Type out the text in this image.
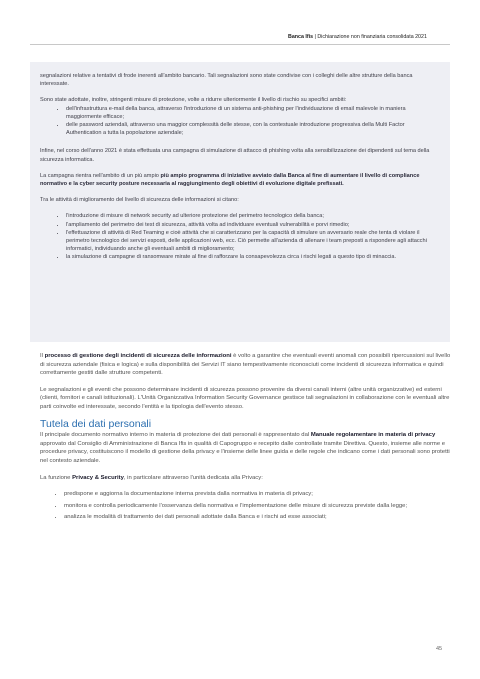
Banca Ifis | Dichiarazione non finanziaria consolidata 2021

segnalazioni relative a tentativi di frode inerenti all'ambito bancario. Tali segnalazioni sono state condivise con i colleghi delle altre strutture della banca interessate.

Sono state adottate, inoltre, stringenti misure di protezione, volte a ridurre ulteriormente il livello di rischio su specifici ambiti:

• dell'infrastruttura e-mail della banca, attraverso l'introduzione di un sistema anti-phishing per l'individuazione di email malevole in maniera maggiormente efficace;
• delle password aziendali, attraverso una maggior complessità delle stesse, con la contestuale introduzione progressiva della Multi Factor Authentication a tutta la popolazione aziendale;

Infine, nel corso dell'anno 2021 è stata effettuata una campagna di simulazione di attacco di phishing volta alla sensibilizzazione dei dipendenti sul tema della sicurezza informatica.

La campagna rientra nell'ambito di un più ampio più ampio programma di iniziative avviato dalla Banca al fine di aumentare il livello di compliance normativo e la cyber security posture necessaria al raggiungimento degli obiettivi di evoluzione digitale prefissati.

Tra le attività di miglioramento del livello di sicurezza delle informazioni si citano:

• l'introduzione di misure di network security ad ulteriore protezione del perimetro tecnologico della banca;
• l'ampliamento del perimetro dei test di sicurezza, attività volta ad individuare eventuali vulnerabilità e porvi rimedio;
• l'effettuazione di attività di Red Teaming e cioè attività che si caratterizzano per la capacità di simulare un avversario reale che tenta di violare il perimetro tecnologico dei servizi esposti, delle applicazioni web, ecc. Ciò permette all'azienda di allenare i team preposti a rispondere agli attacchi informatici, individuando anche gli eventuali ambiti di miglioramento;
• la simulazione di campagne di ransomware mirate al fine di rafforzare la consapevolezza circa i rischi legati a questo tipo di minaccia.

Il processo di gestione degli incidenti di sicurezza delle informazioni è volto a garantire che eventuali eventi anomali con possibili ripercussioni sul livello di sicurezza aziendale (fisica e logica) e sulla disponibilità dei Servizi IT siano tempestivamente riconosciuti come incidenti di sicurezza informatica e quindi correttamente gestiti dalle strutture competenti.

Le segnalazioni e gli eventi che possono determinare incidenti di sicurezza possono provenire da diversi canali interni (altre unità organizzative) ed esterni (clienti, fornitori e canali istituzionali). L'Unità Organizzativa Information Security Governance gestisce tali segnalazioni in collaborazione con le eventuali altre parti coinvolte ed interessate, secondo l'entità e la tipologia dell'evento stesso.

Tutela dei dati personali

Il principale documento normativo interno in materia di protezione dei dati personali è rappresentato dal Manuale regolamentare in materia di privacy approvato dal Consiglio di Amministrazione di Banca Ifis in qualità di Capogruppo e recepito dalle controllate tramite Direttiva. Questo, insieme alle norme e procedure privacy, costituiscono il modello di gestione della privacy e l'insieme delle linee guida e delle regole che indicano come i dati personali sono protetti nel contesto aziendale.

La funzione Privacy & Security, in particolare attraverso l'unità dedicata alla Privacy:

• predispone e aggiorna la documentazione interna prevista dalla normativa in materia di privacy;
• monitora e controlla periodicamente l'osservanza della normativa e l'implementazione delle misure di sicurezza previste dalla legge;
• analizza le modalità di trattamento dei dati personali adottate dalla Banca e i rischi ad esse associati;
45
